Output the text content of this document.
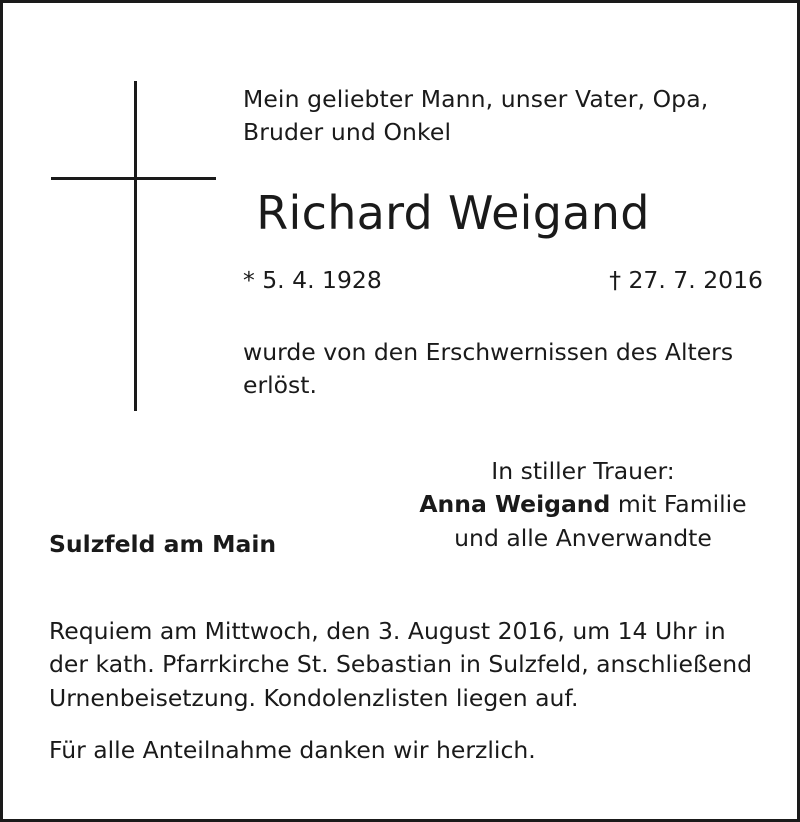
Mein geliebter Mann, unser Vater, Opa, Bruder und Onkel
Richard Weigand
* 5. 4. 1928	† 27. 7. 2016
wurde von den Erschwernissen des Alters erlöst.
In stiller Trauer:
Anna Weigand mit Familie
und alle Anverwandte
Sulzfeld am Main
Requiem am Mittwoch, den 3. August 2016, um 14 Uhr in der kath. Pfarrkirche St. Sebastian in Sulzfeld, anschließend Urnenbeisetzung. Kondolenzlisten liegen auf.
Für alle Anteilnahme danken wir herzlich.
